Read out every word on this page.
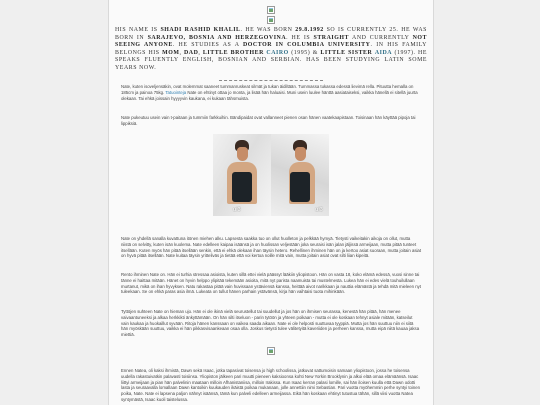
HIS NAME IS SHADI RASHID KHALIL. HE WAS BORN 29.8.1992 SO IS CURRENTLY 25. HE WAS BORN IN SARAJEVO, BOSNIA AND HERZEGOVINA. HE IS STRAIGHT AND CURRENTLY NOT SEEING ANYONE. HE STUDIES AS A DOCTOR IN COLUMBIA UNIVERSITY. IN HIS FAMILY BELONGS HIS MOM, DAD, LITTLE BROTHER CAIRO (1995) & LITTLE SISTER AIDA (1997). HE SPEAKS FLUENTLY ENGLISH, BOSNIAN AND SERBIAN. HAS BEEN STUDYING LATIN SOME YEARS NOW.

Nate, kuten isoveljensäkin, ovat molemmat saaneet tummanruskeat silmät ja tukan äidiltään. Tummassa tukassa edessä lievimä rella. Pituutta hemalla on 185cm ja painoa 75kg. Tatuointeja Nate on ehtinyt ottaa jo monta, ja lisää hän haluaisi. Muni usein luulee hänttä aasiataiseksi, vaikka hänellä ei sitellä juurta olekaan. Tai ehkä joissain hyyyyvin kaukana, ei kukaan tähsmuista.

Nate pukeutuu usein vain t-paitaan ja tummiin farkkuihin. Bändipaidat ovat vallanneet pienen osan hänen vaatekaapistaan. Toisinaan hän käyttää pipoja tai lippiksiä.

ui3	ui3

Nate on yhdellä sanalla kuvattuna itönen miehen alku. Lapsesta saakka tuo on ollut huolleton ja pelkkää hymyä. Tietysti vaikeitakin aikoja on ollut, mutta niistä on selvitty, kuten isän kuolema. Nate edelleen kaipaa isäänsä ja on huolissan veljestään joka seuraisi isän jalan jäljissä armeijaan, mutta pitää tunteet itsellään. Kuten myös hän pitää itsellään senkin, että ei ehkä olekaan ihan täysin hetero. Rehellinen ihminen hän on ja kertoo asiat suoraan, mutta joitain asiat on hyvä pitää itsellään. Nate kuitaa täysin yritteliväs ja tietää että voi kertoa noille mitä vain, mutta joitain asiat ovat silti liian kipeitä.

Rento ihminen Nate on. Hän ei turhia stressaa asioista, kuten sillä ettei vielä päässyt lääkiin yliopistoon. Hän on vasta 18, koko elämä edessä, vuosi sinne tai tänne ei haittaa mitään. Hänet on hyvin helppo ylipitää tekemään asioita, mitä nyt parista naamuista tai mustelmesta. Lukea hän ei edes vielä touhuilullaan murtanut, mikä on ihan hyvyksen. Natu rakastaa pitää vain huvissaan ystäviensä kanssa, heittää aivot narikkaan ja nauttia elämästä ja tehdä mitä mieleen nyt tuleekaan. Se on ehkä paras asia ilmä. Lukeata on tullut hänen parhain ystävänsä, kirja hän vaihtaisi tuota mihinkään.

Tyttöjen suhteen Nate on hieman ujo. Hän ei ole ikinä vielä seurustellut tai suudellut ja jos hän on ihmisen seurassa, kenestä hän pitää, hän menee vaivaantuneeksi ja alkaa herkkikti änkyttämään. On hän silti itseluon - parin tytöön ja yhteen poikaan - mutta ei ole koskaan tehnyt asiale mitään, katseilut vain kaukaa ja huokaillut syvään. Ritoja hänen kanssaan on vaikea saada aikaan. Nate ei ole helposti suuttuvaa tyyppiä. Mutta jos hän suuttuu niin ei siitä hän myöskään suuttuu, vaikka ei hän pikkasvisaankeaan osaa olla. Joskus tietysti tulee välitetyitä kaveriiden ja perheen kanssa, mutta eipä niitä kauaa jaksa miettiä.

Ennen Natea, oli kaksi ihmistä, Dawn sekä Isaac, jotka tapasivat toisensa jo high schoolissa, jatkuvat sattumoisin samaan yliopistoon, jossa he toisensa uudella rakastuivatkin palavasti toisiinsa. Yliopiston jälkeen pari muutti pieneen kaksioonsa kohti New Yorkin Brooklynin ja alkoi elää omaa elämäänsä. Isaac liittyi armeijaan ja pian hän palvelinin maataan milloin Afhanistaniisa, milloin Irakissa. Kun Isaac kerran palasi lomille, sai hän iloisen kuulla että Dawn odotti lasta ja seuraavalla lomallaan Dawn kantoikin kuukauden ikäistä poikaa mukanaan, jolle annettiin nimi Sebastian. Pari vuotta myöhemmin perhe syntyi toinen poika, Nate. Nate ei lapsena paljon nähnyt isäänsä, tämä kun palveli edelleen armeijassa. Eikä hän koskaan ehtinyt tutustua tähän, sillä viisi vuotta Natea syntymästä, Isaac kuoli taistelussa.
